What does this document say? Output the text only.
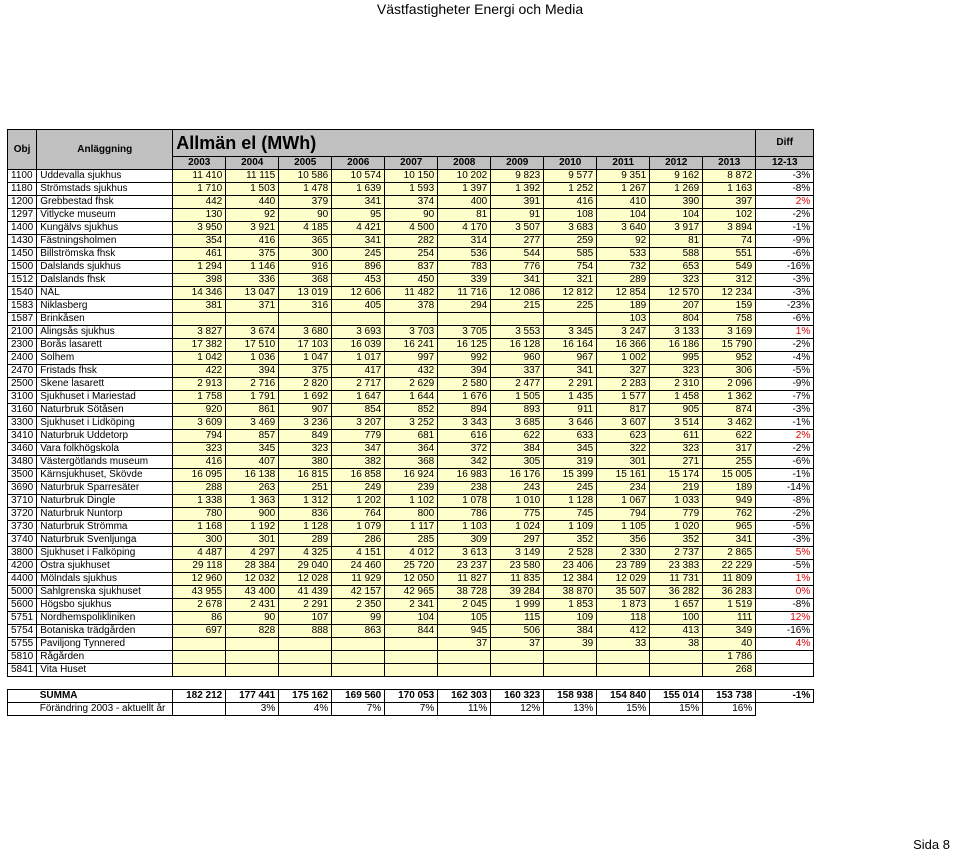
Västfastigheter Energi och Media
Obj	Anläggning	Allmän el (MWh)											Diff
		2003	2004	2005	2006	2007	2008	2009	2010	2011	2012	2013	12-13
1100	Uddevalla sjukhus	11 410	11 115	10 586	10 574	10 150	10 202	9 823	9 577	9 351	9 162	8 872	-3%
1180	Strömstads sjukhus	1 710	1 503	1 478	1 639	1 593	1 397	1 392	1 252	1 267	1 269	1 163	-8%
1200	Grebbestad fhsk	442	440	379	341	374	400	391	416	410	390	397	2%
1297	Vitlycke museum	130	92	90	95	90	81	91	108	104	104	102	-2%
1400	Kungälvs sjukhus	3 950	3 921	4 185	4 421	4 500	4 170	3 507	3 683	3 640	3 917	3 894	-1%
1430	Fästningsholmen	354	416	365	341	282	314	277	259	92	81	74	-9%
1450	Billströmska fhsk	461	375	300	245	254	536	544	585	533	588	551	-6%
1500	Dalslands sjukhus	1 294	1 146	916	896	837	783	776	754	732	653	549	-16%
1512	Dalslands fhsk	398	336	368	453	450	339	341	321	289	323	312	-3%
1540	NÄL	14 346	13 047	13 019	12 606	11 482	11 716	12 086	12 812	12 854	12 570	12 234	-3%
1583	Niklasberg	381	371	316	405	378	294	215	225	189	207	159	-23%
1587	Brinkåsen									103	804	758	-6%
2100	Alingsås sjukhus	3 827	3 674	3 680	3 693	3 703	3 705	3 553	3 345	3 247	3 133	3 169	1%
2300	Borås lasarett	17 382	17 510	17 103	16 039	16 241	16 125	16 128	16 164	16 366	16 186	15 790	-2%
2400	Solhem	1 042	1 036	1 047	1 017	997	992	960	967	1 002	995	952	-4%
2470	Fristads fhsk	422	394	375	417	432	394	337	341	327	323	306	-5%
2500	Skene lasarett	2 913	2 716	2 820	2 717	2 629	2 580	2 477	2 291	2 283	2 310	2 096	-9%
3100	Sjukhuset i Mariestad	1 758	1 791	1 692	1 647	1 644	1 676	1 505	1 435	1 577	1 458	1 362	-7%
3160	Naturbruk Sötåsen	920	861	907	854	852	894	893	911	817	905	874	-3%
3300	Sjukhuset i Lidköping	3 609	3 469	3 236	3 207	3 252	3 343	3 685	3 646	3 607	3 514	3 462	-1%
3410	Naturbruk Uddetorp	794	857	849	779	681	616	622	633	623	611	622	2%
3460	Vara folkhögskola	323	345	323	347	364	372	384	345	322	323	317	-2%
3480	Västergötlands museum	416	407	380	382	368	342	305	319	301	271	255	-6%
3500	Kärnsjukhuset, Skövde	16 095	16 138	16 815	16 858	16 924	16 983	16 176	15 399	15 161	15 174	15 005	-1%
3690	Naturbruk Sparresäter	288	263	251	249	239	238	243	245	234	219	189	-14%
3710	Naturbruk Dingle	1 338	1 363	1 312	1 202	1 102	1 078	1 010	1 128	1 067	1 033	949	-8%
3720	Naturbruk Nuntorp	780	900	836	764	800	786	775	745	794	779	762	-2%
3730	Naturbruk Strömma	1 168	1 192	1 128	1 079	1 117	1 103	1 024	1 109	1 105	1 020	965	-5%
3740	Naturbruk Svenljunga	300	301	289	286	285	309	297	352	356	352	341	-3%
3800	Sjukhuset i Falköping	4 487	4 297	4 325	4 151	4 012	3 613	3 149	2 528	2 330	2 737	2 865	5%
4200	Östra sjukhuset	29 118	28 384	29 040	24 460	25 720	23 237	23 580	23 406	23 789	23 383	22 229	-5%
4400	Mölndals sjukhus	12 960	12 032	12 028	11 929	12 050	11 827	11 835	12 384	12 029	11 731	11 809	1%
5000	Sahlgrenska sjukhuset	43 955	43 400	41 439	42 157	42 965	38 728	39 284	38 870	35 507	36 282	36 283	0%
5600	Högsbo sjukhus	2 678	2 431	2 291	2 350	2 341	2 045	1 999	1 853	1 873	1 657	1 519	-8%
5751	Nordhemspolikliniken	86	90	107	99	104	105	115	109	118	100	111	12%
5754	Botaniska trädgården	697	828	888	863	844	945	506	384	412	413	349	-16%
5755	Paviljong Tynnered						37	37	39	33	38	40	4%
5810	Rågården											1 786	
5841	Vita Huset											268	

	SUMMA	182 212	177 441	175 162	169 560	170 053	162 303	160 323	158 938	154 840	155 014	153 738	-1%
	Förändring 2003 - aktuellt år		3%	4%	7%	7%	11%	12%	13%	15%	15%	16%	
Sida 8
